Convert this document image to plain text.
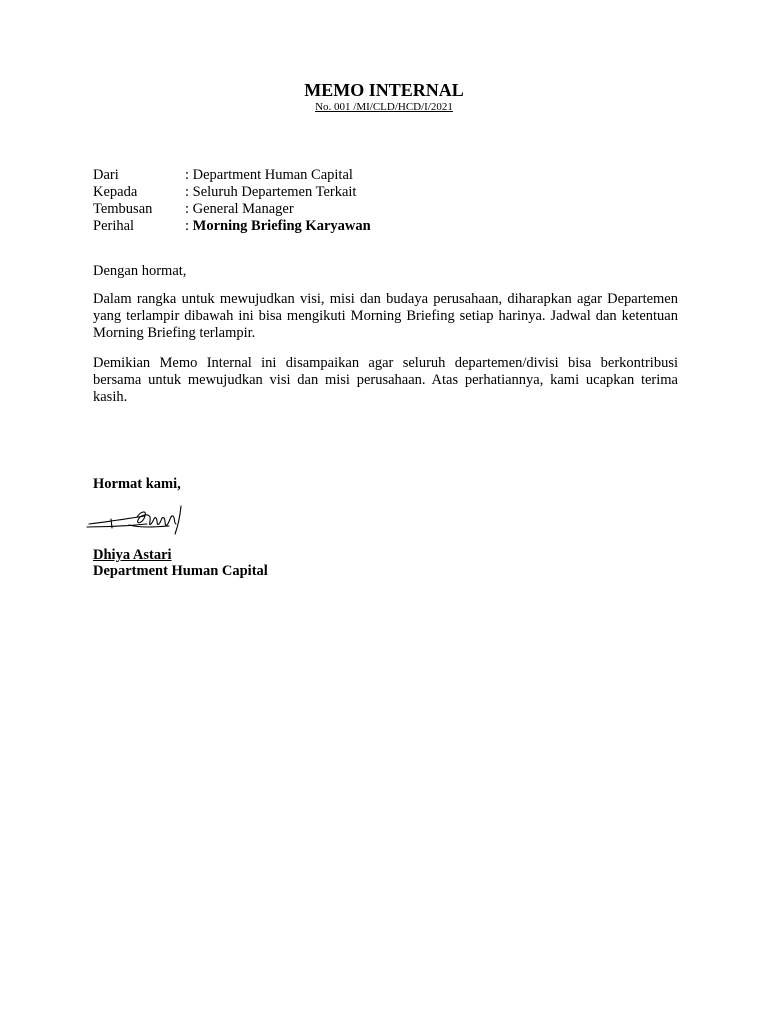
MEMO INTERNAL
No. 001 /MI/CLD/HCD/I/2021
Dari	: Department Human Capital
Kepada	: Seluruh Departemen Terkait
Tembusan	: General Manager
Perihal	: Morning Briefing Karyawan

Dengan hormat,

Dalam rangka untuk mewujudkan visi, misi dan budaya perusahaan, diharapkan agar Departemen yang terlampir dibawah ini bisa mengikuti Morning Briefing setiap harinya. Jadwal dan ketentuan Morning Briefing terlampir.

Demikian Memo Internal ini disampaikan agar seluruh departemen/divisi bisa berkontribusi bersama untuk mewujudkan visi dan misi perusahaan. Atas perhatiannya, kami ucapkan terima kasih.

Hormat kami,
Dhiya Astari
Department Human Capital
